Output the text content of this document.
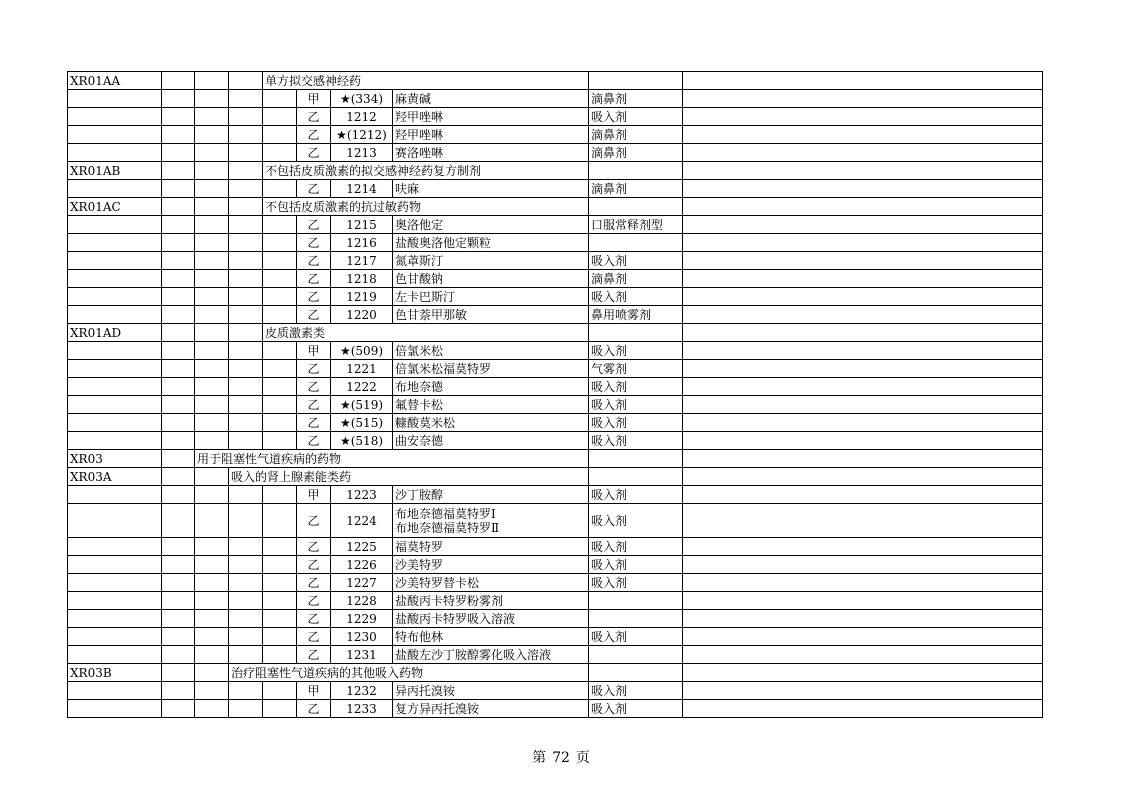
XR01AA				单方拟交感神经药					
					甲	★(334)	麻黄碱	滴鼻剂	
					乙	1212	羟甲唑啉	吸入剂	
					乙	★(1212)	羟甲唑啉	滴鼻剂	
					乙	1213	赛洛唑啉	滴鼻剂	
XR01AB				不包括皮质激素的拟交感神经药复方制剂					
					乙	1214	呋麻	滴鼻剂	
XR01AC				不包括皮质激素的抗过敏药物					
					乙	1215	奥洛他定	口服常释剂型	
					乙	1216	盐酸奥洛他定颗粒		

					乙	1217	氮䓬斯汀	吸入剂	
					乙	1218	色甘酸钠	滴鼻剂	
					乙	1219	左卡巴斯汀	吸入剂	
					乙	1220	色甘萘甲那敏	鼻用喷雾剂	
XR01AD				皮质激素类					
					甲	★(509)	倍氯米松	吸入剂	
					乙	1221	倍氯米松福莫特罗	气雾剂	
					乙	1222	布地奈德	吸入剂	
					乙	★(519)	氟替卡松	吸入剂	
					乙	★(515)	糠酸莫米松	吸入剂	
					乙	★(518)	曲安奈德	吸入剂	
XR03		用于阻塞性气道疾病的药物							
XR03A			吸入的肾上腺素能类药						
					甲	1223	沙丁胺醇	吸入剂	
					乙	1224	布地奈德福莫特罗Ⅰ
布地奈德福莫特罗Ⅱ	吸入剂	
					乙	1225	福莫特罗	吸入剂	
					乙	1226	沙美特罗	吸入剂	
					乙	1227	沙美特罗替卡松	吸入剂	
					乙	1228	盐酸丙卡特罗粉雾剂		

					乙	1229	盐酸丙卡特罗吸入溶液		

					乙	1230	特布他林	吸入剂	
					乙	1231	盐酸左沙丁胺醇雾化吸入溶液		

XR03B			治疗阻塞性气道疾病的其他吸入药物						
					甲	1232	异丙托溴铵	吸入剂	
					乙	1233	复方异丙托溴铵	吸入剂	
第 72 页
